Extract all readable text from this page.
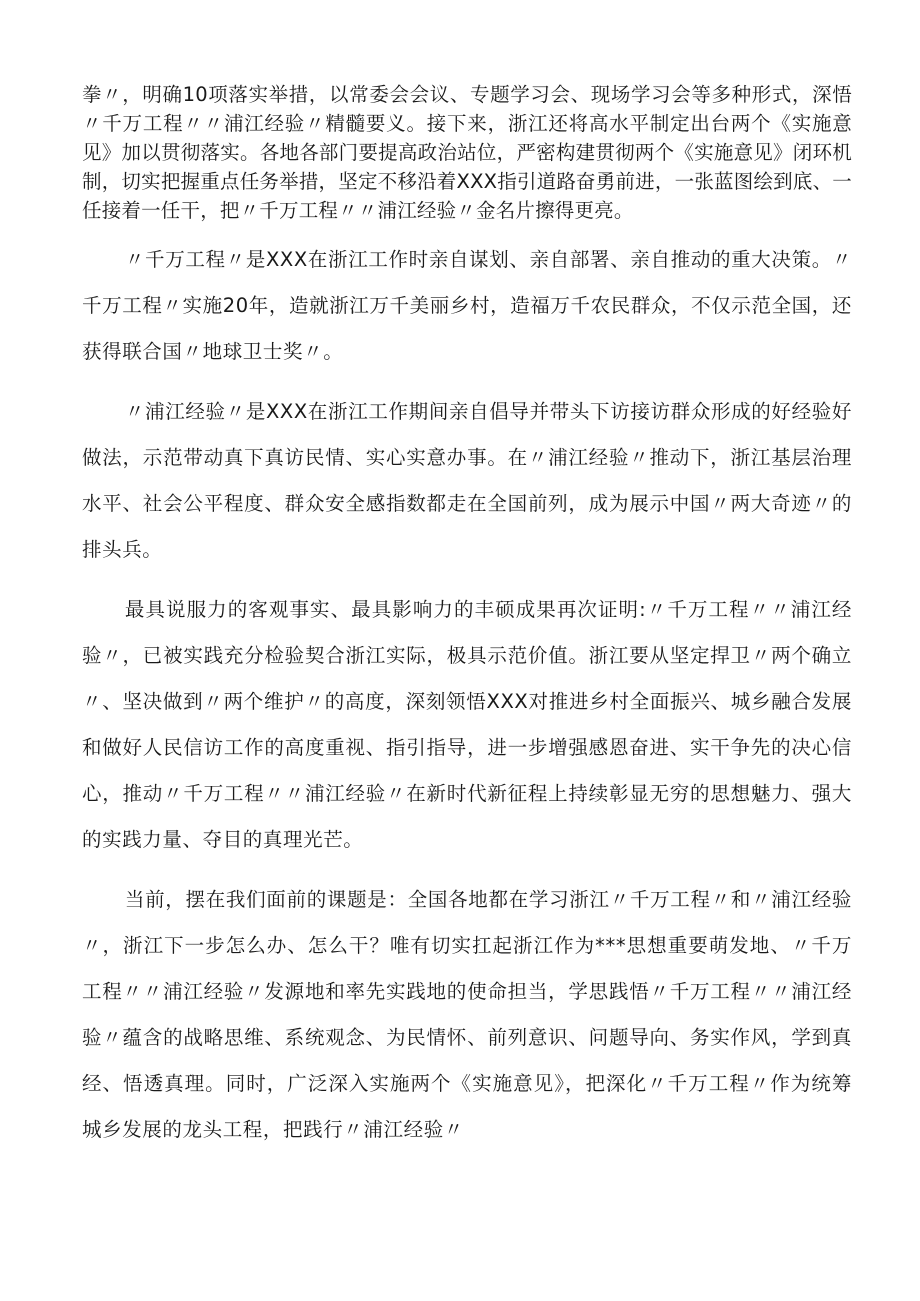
拳〃，明确10项落实举措，以常委会会议、专题学习会、现场学习会等多种形式，深悟〃千万工程〃〃浦江经验〃精髓要义。接下来，浙江还将高水平制定出台两个《实施意见》加以贯彻落实。各地各部门要提高政治站位，严密构建贯彻两个《实施意见》闭环机制，切实把握重点任务举措，坚定不移沿着XXX指引道路奋勇前进，一张蓝图绘到底、一任接着一任干，把〃千万工程〃〃浦江经验〃金名片擦得更亮。

〃千万工程〃是XXX在浙江工作时亲自谋划、亲自部署、亲自推动的重大决策。〃千万工程〃实施20年，造就浙江万千美丽乡村，造福万千农民群众，不仅示范全国，还获得联合国〃地球卫士奖〃。

〃浦江经验〃是XXX在浙江工作期间亲自倡导并带头下访接访群众形成的好经验好做法，示范带动真下真访民情、实心实意办事。在〃浦江经验〃推动下，浙江基层治理水平、社会公平程度、群众安全感指数都走在全国前列，成为展示中国〃两大奇迹〃的排头兵。

最具说服力的客观事实、最具影响力的丰硕成果再次证明:〃千万工程〃〃浦江经验〃，已被实践充分检验契合浙江实际，极具示范价值。浙江要从坚定捍卫〃两个确立〃、坚决做到〃两个维护〃的高度，深刻领悟XXX对推进乡村全面振兴、城乡融合发展和做好人民信访工作的高度重视、指引指导，进一步增强感恩奋进、实干争先的决心信心，推动〃千万工程〃〃浦江经验〃在新时代新征程上持续彰显无穷的思想魅力、强大的实践力量、夺目的真理光芒。

当前，摆在我们面前的课题是：全国各地都在学习浙江〃千万工程〃和〃浦江经验〃，浙江下一步怎么办、怎么干？唯有切实扛起浙江作为***思想重要萌发地、〃千万工程〃〃浦江经验〃发源地和率先实践地的使命担当，学思践悟〃千万工程〃〃浦江经验〃蕴含的战略思维、系统观念、为民情怀、前列意识、问题导向、务实作风，学到真经、悟透真理。同时，广泛深入实施两个《实施意见》，把深化〃千万工程〃作为统筹城乡发展的龙头工程，把践行〃浦江经验〃
